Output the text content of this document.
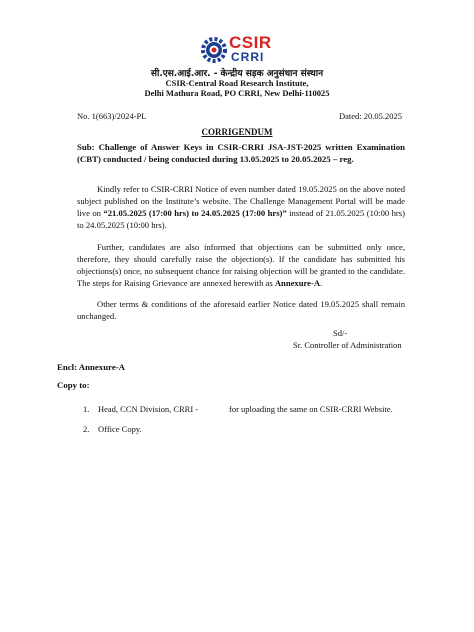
CSIR
CRRI
सी.एस.आई.आर. - केन्द्रीय सड़क अनुसंधान संस्थान
CSIR-Central Road Research Institute,
Delhi Mathura Road, PO CRRI, New Delhi-110025
No. 1(663)/2024-PL	Dated: 20.05.2025
CORRIGENDUM
Sub: Challenge of Answer Keys in CSIR-CRRI JSA-JST-2025 written Examination (CBT) conducted / being conducted during 13.05.2025 to 20.05.2025 – reg.
Kindly refer to CSIR-CRRI Notice of even number dated 19.05.2025 on the above noted subject published on the Institute’s website. The Challenge Management Portal will be made live on “21.05.2025 (17:00 hrs) to 24.05.2025 (17:00 hrs)” instead of 21.05.2025 (10:00 hrs) to 24.05.2025 (10:00 hrs).
Further, candidates are also informed that objections can be submitted only once, therefore, they should carefully raise the objection(s). If the candidate has submitted his objections(s) once, no subsequent chance for raising objection will be granted to the candidate. The steps for Raising Grievance are annexed herewith as Annexure-A.
Other terms & conditions of the aforesaid earlier Notice dated 19.05.2025 shall remain unchanged.
Sd/-
Sr. Controller of Administration
Encl: Annexure-A
Copy to:
1. Head, CCN Division, CRRI -	for uploading the same on CSIR-CRRI Website.
2. Office Copy.
